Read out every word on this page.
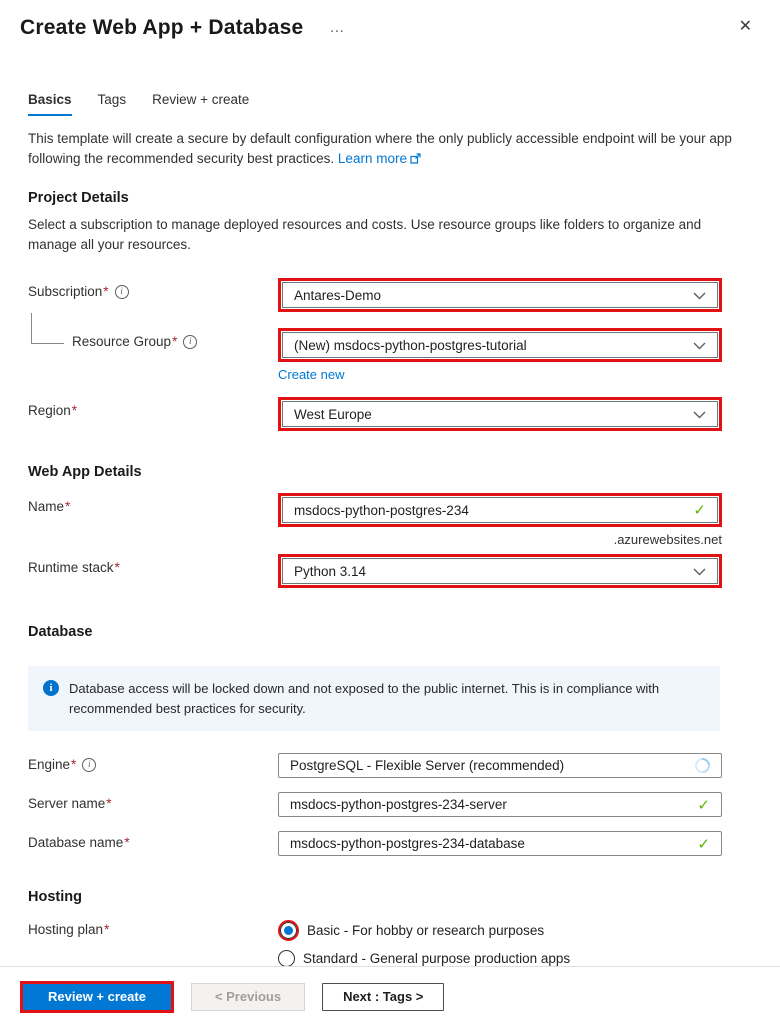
Create Web App + Database …	✕
Basics Tags Review + create
This template will create a secure by default configuration where the only publicly accessible endpoint will be your app following the recommended security best practices. Learn more
Project Details
Select a subscription to manage deployed resources and costs. Use resource groups like folders to organize and manage all your resources.
Subscription*	i	Antares-Demo
Resource Group*	i	(New) msdocs-python-postgres-tutorial
Create new
Region*	West Europe
Web App Details
Name*	msdocs-python-postgres-234	✓
.azurewebsites.net
Runtime stack*	Python 3.14
Database
i	Database access will be locked down and not exposed to the public internet. This is in compliance with recommended best practices for security.
Engine*	i	PostgreSQL - Flexible Server (recommended)
Server name*	msdocs-python-postgres-234-server	✓
Database name*	msdocs-python-postgres-234-database	✓
Hosting
Hosting plan*	Basic - For hobby or research purposes
Standard - General purpose production apps
Review + create	< Previous	Next : Tags >
